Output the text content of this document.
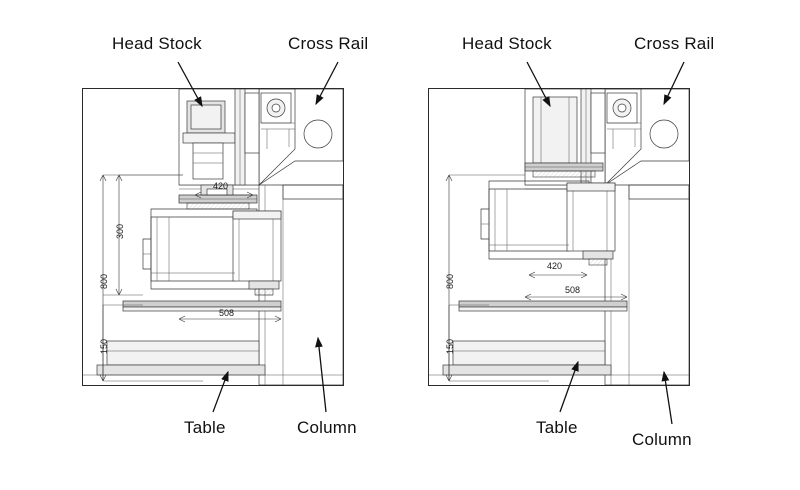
300
800
150
420
508
800
150
420
508
Head Stock	Cross Rail
Table	Column
Head Stock	Cross Rail
Table
Column
